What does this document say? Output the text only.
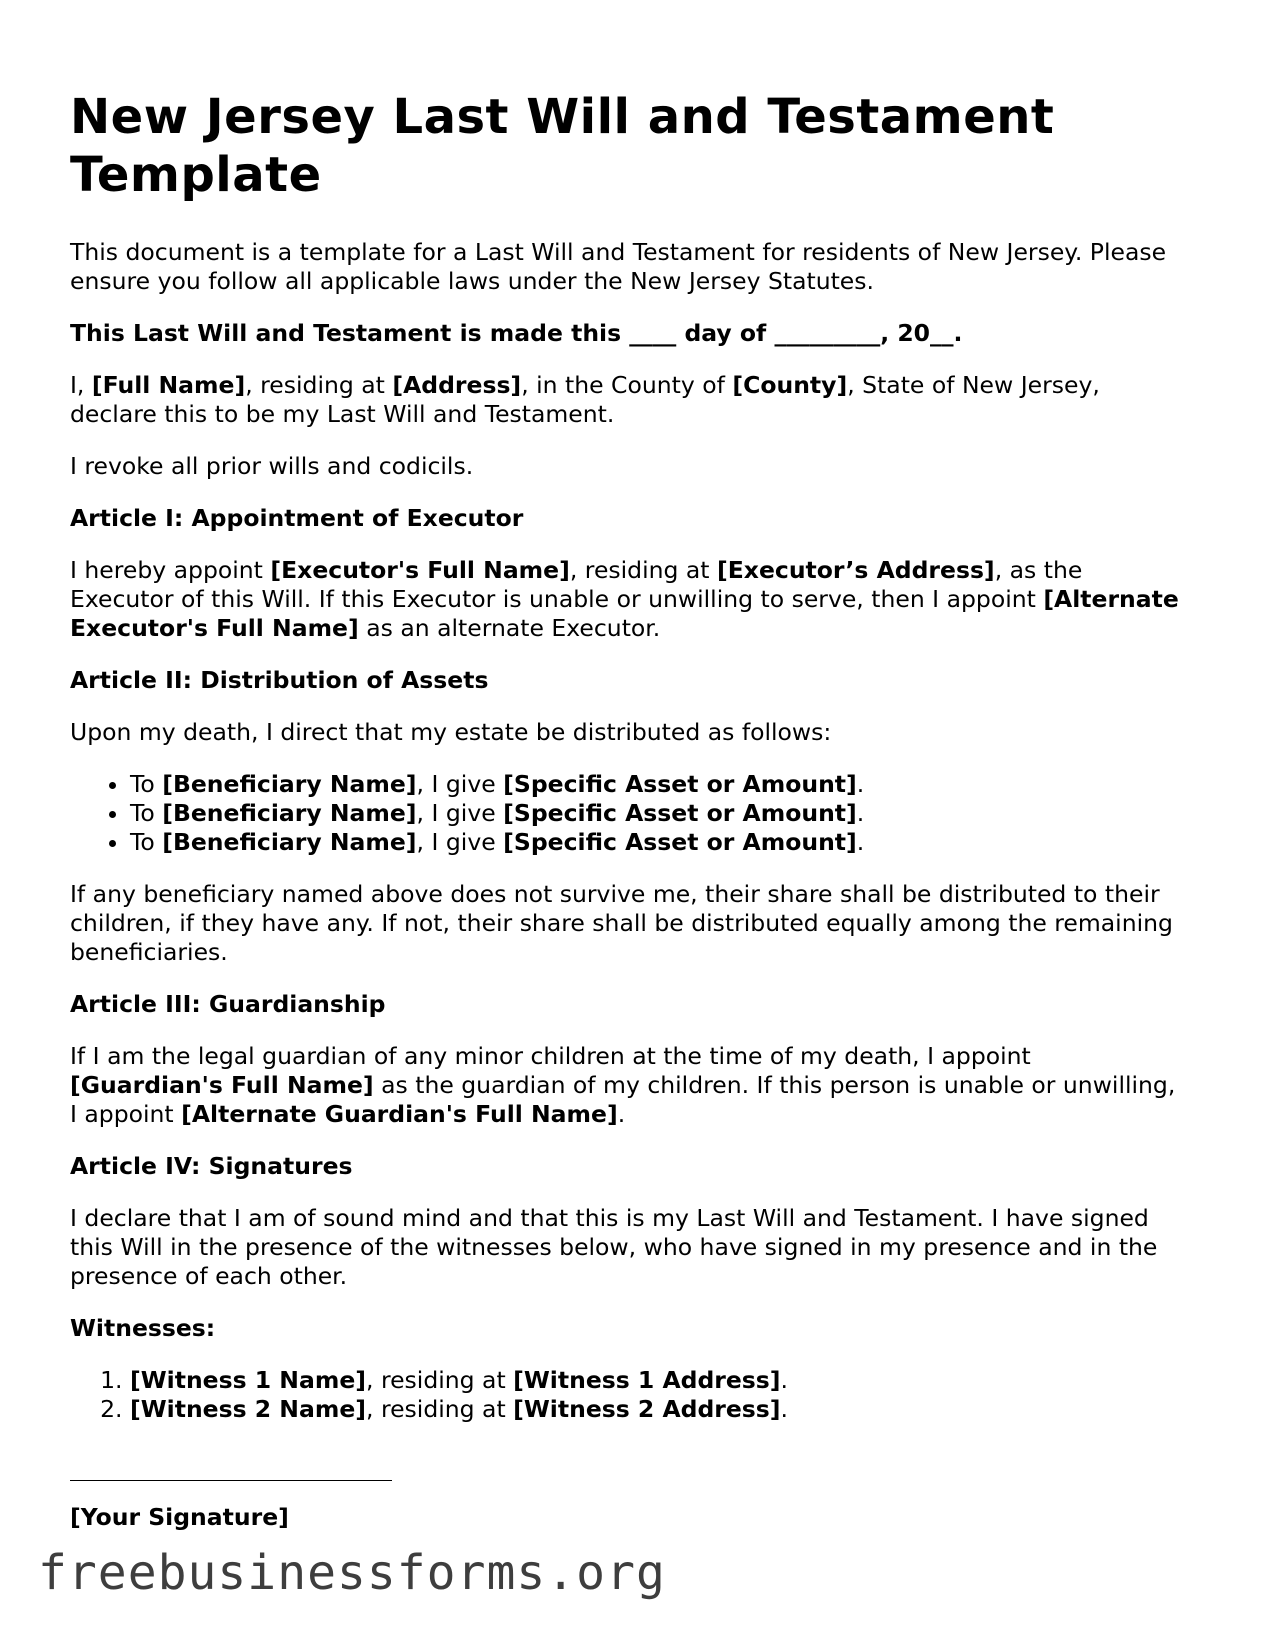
New Jersey Last Will and Testament Template

This document is a template for a Last Will and Testament for residents of New Jersey. Please ensure you follow all applicable laws under the New Jersey Statutes.

This Last Will and Testament is made this ____ day of _________, 20__.

I, [Full Name], residing at [Address], in the County of [County], State of New Jersey, declare this to be my Last Will and Testament.

I revoke all prior wills and codicils.

Article I: Appointment of Executor

I hereby appoint [Executor's Full Name], residing at [Executor’s Address], as the Executor of this Will. If this Executor is unable or unwilling to serve, then I appoint [Alternate Executor's Full Name] as an alternate Executor.

Article II: Distribution of Assets

Upon my death, I direct that my estate be distributed as follows:

• To [Beneficiary Name], I give [Specific Asset or Amount].
• To [Beneficiary Name], I give [Specific Asset or Amount].
• To [Beneficiary Name], I give [Specific Asset or Amount].

If any beneficiary named above does not survive me, their share shall be distributed to their children, if they have any. If not, their share shall be distributed equally among the remaining beneficiaries.

Article III: Guardianship

If I am the legal guardian of any minor children at the time of my death, I appoint [Guardian's Full Name] as the guardian of my children. If this person is unable or unwilling, I appoint [Alternate Guardian's Full Name].

Article IV: Signatures

I declare that I am of sound mind and that this is my Last Will and Testament. I have signed this Will in the presence of the witnesses below, who have signed in my presence and in the presence of each other.

Witnesses:

1. [Witness 1 Name], residing at [Witness 1 Address].
2. [Witness 2 Name], residing at [Witness 2 Address].

[Your Signature]

freebusinessforms.org
